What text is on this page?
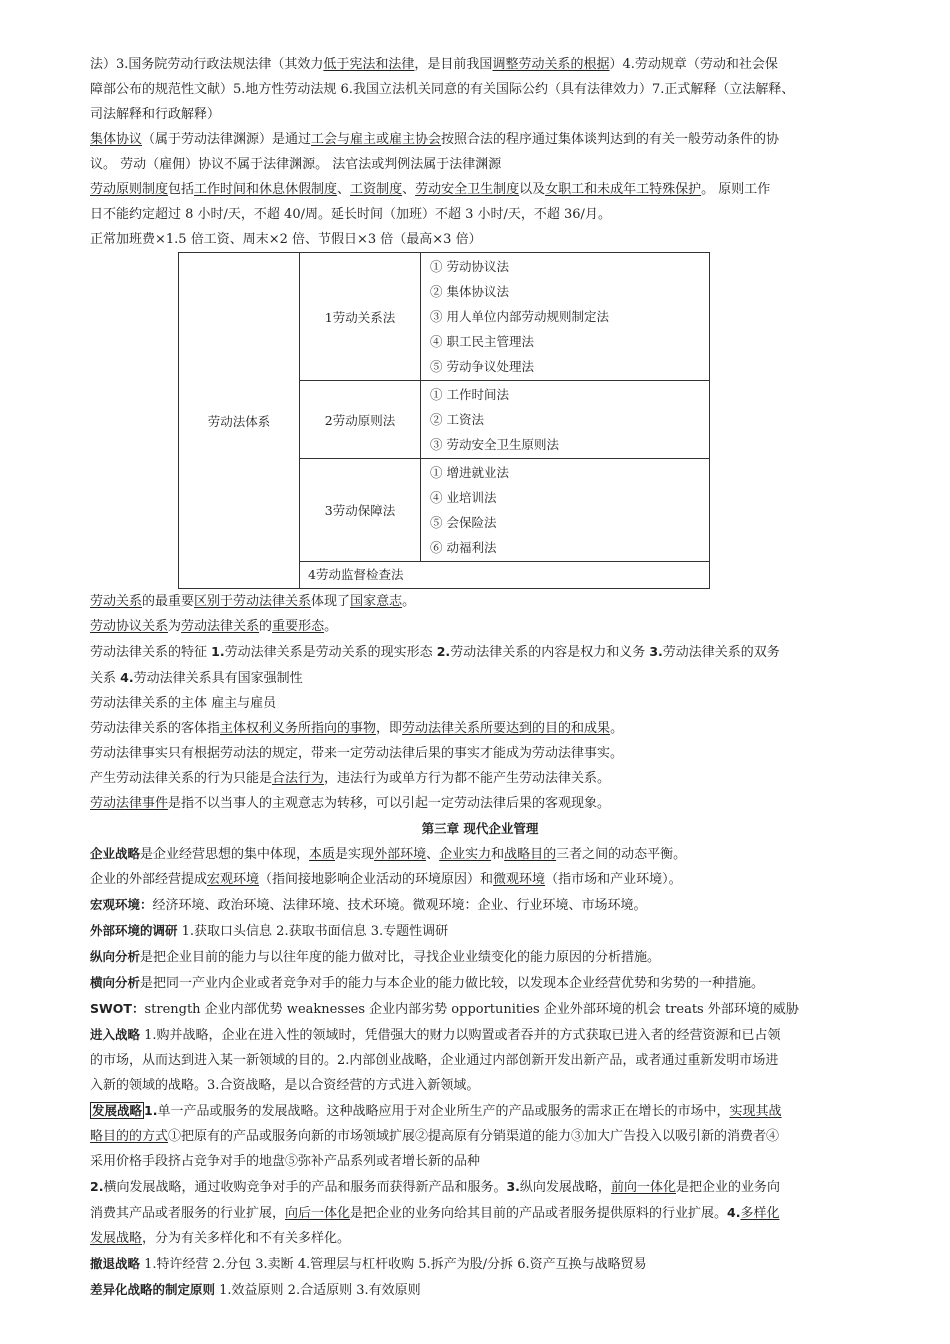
法）3.国务院劳动行政法规法律（其效力低于宪法和法律，是目前我国调整劳动关系的根据）4.劳动规章（劳动和社会保

障部公布的规范性文献）5.地方性劳动法规 6.我国立法机关同意的有关国际公约（具有法律效力）7.正式解释（立法解释、

司法解释和行政解释）

集体协议（属于劳动法律渊源）是通过工会与雇主或雇主协会按照合法的程序通过集体谈判达到的有关一般劳动条件的协

议。 劳动（雇佣）协议不属于法律渊源。 法官法或判例法属于法律渊源

劳动原则制度包括工作时间和休息休假制度、工资制度、劳动安全卫生制度以及女职工和未成年工特殊保护。 原则工作

日不能约定超过 8 小时/天，不超 40/周。延长时间（加班）不超 3 小时/天，不超 36/月。

正常加班费×1.5 倍工资、周末×2 倍、节假日×3 倍（最高×3 倍）

劳动法体系	1劳动关系法	① 劳动协议法
② 集体协议法
③ 用人单位内部劳动规则制定法
④ 职工民主管理法
⑤ 劳动争议处理法

	2劳动原则法	① 工作时间法
② 工资法
③ 劳动安全卫生原则法

	3劳动保障法	① 增进就业法
④ 业培训法
⑤ 会保险法
⑥ 动福利法

	4劳动监督检查法	

劳动关系的最重要区别于劳动法律关系体现了国家意志。

劳动协议关系为劳动法律关系的重要形态。

劳动法律关系的特征 1.劳动法律关系是劳动关系的现实形态 2.劳动法律关系的内容是权力和义务 3.劳动法律关系的双务

关系 4.劳动法律关系具有国家强制性

劳动法律关系的主体 雇主与雇员

劳动法律关系的客体指主体权利义务所指向的事物，即劳动法律关系所要达到的目的和成果。

劳动法律事实只有根据劳动法的规定，带来一定劳动法律后果的事实才能成为劳动法律事实。

产生劳动法律关系的行为只能是合法行为，违法行为或单方行为都不能产生劳动法律关系。

劳动法律事件是指不以当事人的主观意志为转移，可以引起一定劳动法律后果的客观现象。

第三章 现代企业管理

企业战略是企业经营思想的集中体现，本质是实现外部环境、企业实力和战略目的三者之间的动态平衡。

企业的外部经营提成宏观环境（指间接地影响企业活动的环境原因）和微观环境（指市场和产业环境）。

宏观环境：经济环境、政治环境、法律环境、技术环境。微观环境：企业、行业环境、市场环境。

外部环境的调研 1.获取口头信息 2.获取书面信息 3.专题性调研

纵向分析是把企业目前的能力与以往年度的能力做对比，寻找企业业绩变化的能力原因的分析措施。

横向分析是把同一产业内企业或者竞争对手的能力与本企业的能力做比较，以发现本企业经营优势和劣势的一种措施。

SWOT：strength 企业内部优势 weaknesses 企业内部劣势 opportunities 企业外部环境的机会 treats 外部环境的威胁

进入战略 1.购并战略，企业在进入性的领域时，凭借强大的财力以购置或者吞并的方式获取已进入者的经营资源和已占领

的市场，从而达到进入某一新领域的目的。2.内部创业战略，企业通过内部创新开发出新产品，或者通过重新发明市场进

入新的领域的战略。3.合资战略，是以合资经营的方式进入新领域。

发展战略 1.单一产品或服务的发展战略。这种战略应用于对企业所生产的产品或服务的需求正在增长的市场中，实现其战

略目的的方式①把原有的产品或服务向新的市场领域扩展②提高原有分销渠道的能力③加大广告投入以吸引新的消费者④

采用价格手段挤占竞争对手的地盘⑤弥补产品系列或者增长新的品种

2.横向发展战略，通过收购竞争对手的产品和服务而获得新产品和服务。3.纵向发展战略，前向一体化是把企业的业务向

消费其产品或者服务的行业扩展，向后一体化是把企业的业务向给其目前的产品或者服务提供原料的行业扩展。4.多样化

发展战略，分为有关多样化和不有关多样化。

撤退战略 1.特许经营 2.分包 3.卖断 4.管理层与杠杆收购 5.拆产为股/分拆 6.资产互换与战略贸易

差异化战略的制定原则 1.效益原则 2.合适原则 3.有效原则
